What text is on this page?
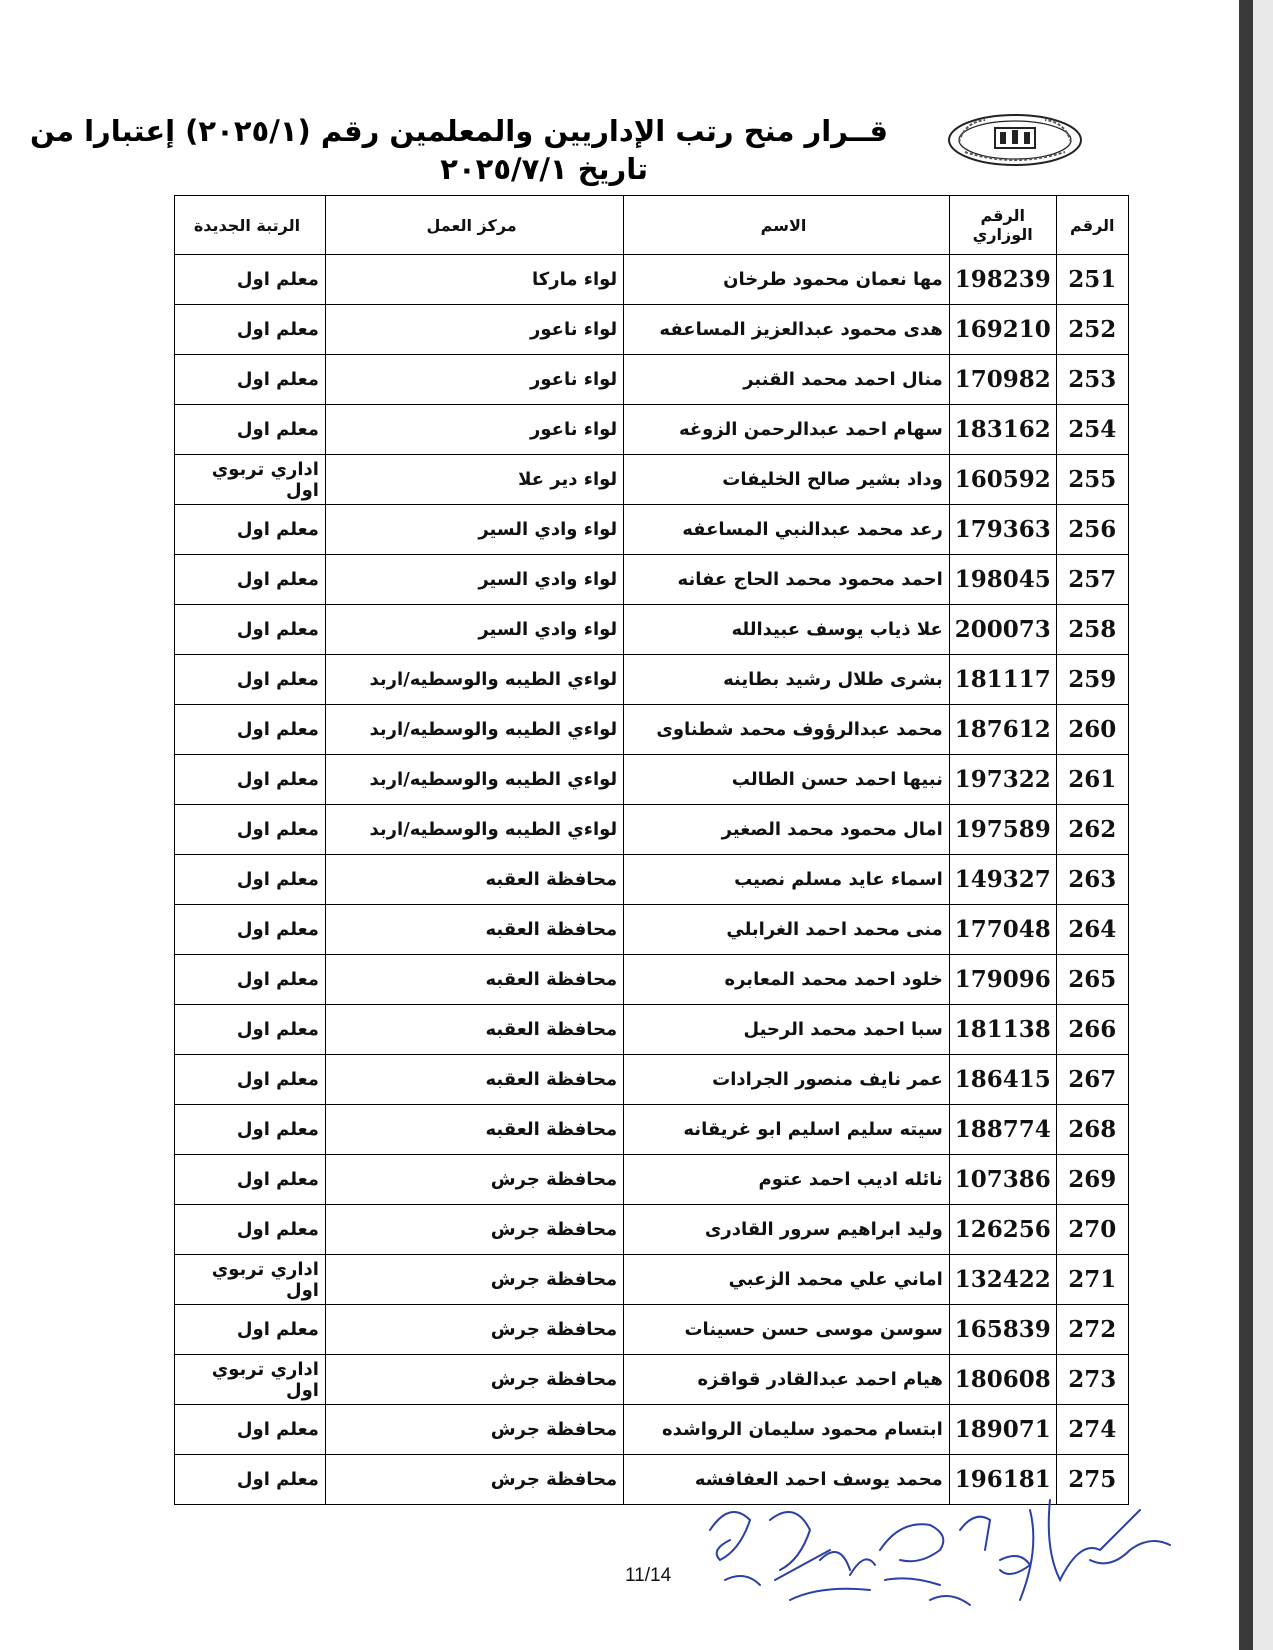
قــرار منح رتب الإداريين والمعلمين رقم (٢٠٢٥/١) إعتبارا من
تاريخ ٢٠٢٥/٧/١
الرقم	الرقم الوزاري	الاسم	مركز العمل	الرتبة الجديدة
251	198239	مها نعمان محمود طرخان	لواء ماركا	معلم اول
252	169210	هدى محمود عبدالعزيز المساعفه	لواء ناعور	معلم اول
253	170982	منال احمد محمد القنبر	لواء ناعور	معلم اول
254	183162	سهام احمد عبدالرحمن الزوغه	لواء ناعور	معلم اول
255	160592	وداد بشير صالح الخليفات	لواء دير علا	اداري تربوي اول
256	179363	رعد محمد عبدالنبي المساعفه	لواء وادي السير	معلم اول
257	198045	احمد محمود محمد الحاج عفانه	لواء وادي السير	معلم اول
258	200073	علا ذياب يوسف عبيدالله	لواء وادي السير	معلم اول
259	181117	بشرى طلال رشيد بطاينه	لواءي الطيبه والوسطيه/اربد	معلم اول
260	187612	محمد عبدالرؤوف محمد شطناوى	لواءي الطيبه والوسطيه/اربد	معلم اول
261	197322	نبيها احمد حسن الطالب	لواءي الطيبه والوسطيه/اربد	معلم اول
262	197589	امال محمود محمد الصغير	لواءي الطيبه والوسطيه/اربد	معلم اول
263	149327	اسماء عايد مسلم نصيب	محافظة العقبه	معلم اول
264	177048	منى محمد احمد الغرابلي	محافظة العقبه	معلم اول
265	179096	خلود احمد محمد المعابره	محافظة العقبه	معلم اول
266	181138	سبا احمد محمد الرحيل	محافظة العقبه	معلم اول
267	186415	عمر نايف منصور الجرادات	محافظة العقبه	معلم اول
268	188774	سيته سليم اسليم ابو غريقانه	محافظة العقبه	معلم اول
269	107386	نائله اديب احمد عتوم	محافظة جرش	معلم اول
270	126256	وليد ابراهيم سرور القادرى	محافظة جرش	معلم اول
271	132422	اماني علي محمد الزعبي	محافظة جرش	اداري تربوي اول
272	165839	سوسن موسى حسن حسينات	محافظة جرش	معلم اول
273	180608	هيام احمد عبدالقادر قواقزه	محافظة جرش	اداري تربوي اول
274	189071	ابتسام محمود سليمان الرواشده	محافظة جرش	معلم اول
275	196181	محمد يوسف احمد العفافشه	محافظة جرش	معلم اول
11/14
